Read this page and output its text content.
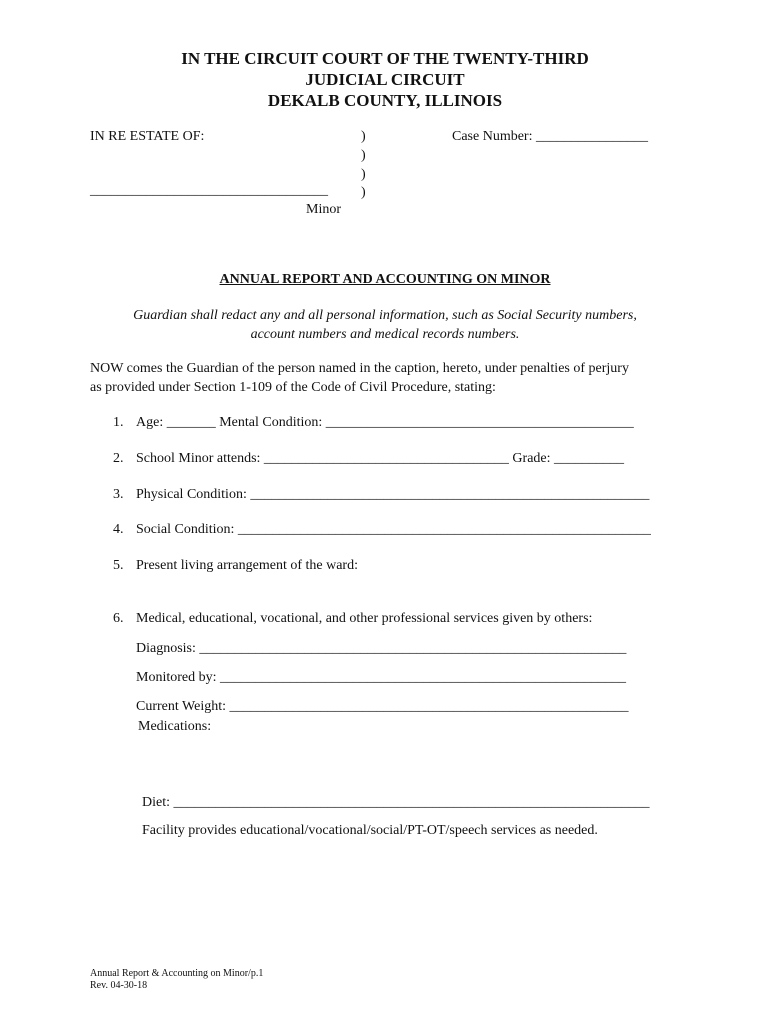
IN THE CIRCUIT COURT OF THE TWENTY-THIRD
JUDICIAL CIRCUIT
DEKALB COUNTY, ILLINOIS
IN RE ESTATE OF:	)
)
)
__________________________________ )
Minor
Case Number: ________________
ANNUAL REPORT AND ACCOUNTING ON MINOR
Guardian shall redact any and all personal information, such as Social Security numbers,
account numbers and medical records numbers.
NOW comes the Guardian of the person named in the caption, hereto, under penalties of perjury
as provided under Section 1-109 of the Code of Civil Procedure, stating:
1. Age: _______ Mental Condition: ____________________________________________
2. School Minor attends: ___________________________________ Grade: __________
3. Physical Condition: _________________________________________________________
4. Social Condition: ___________________________________________________________
5. Present living arrangement of the ward:
6. Medical, educational, vocational, and other professional services given by others:
Diagnosis: _____________________________________________________________
Monitored by: __________________________________________________________
Current Weight: _________________________________________________________
Medications:
Diet: ____________________________________________________________________
Facility provides educational/vocational/social/PT-OT/speech services as needed.
Annual Report & Accounting on Minor/p.1
Rev. 04-30-18
